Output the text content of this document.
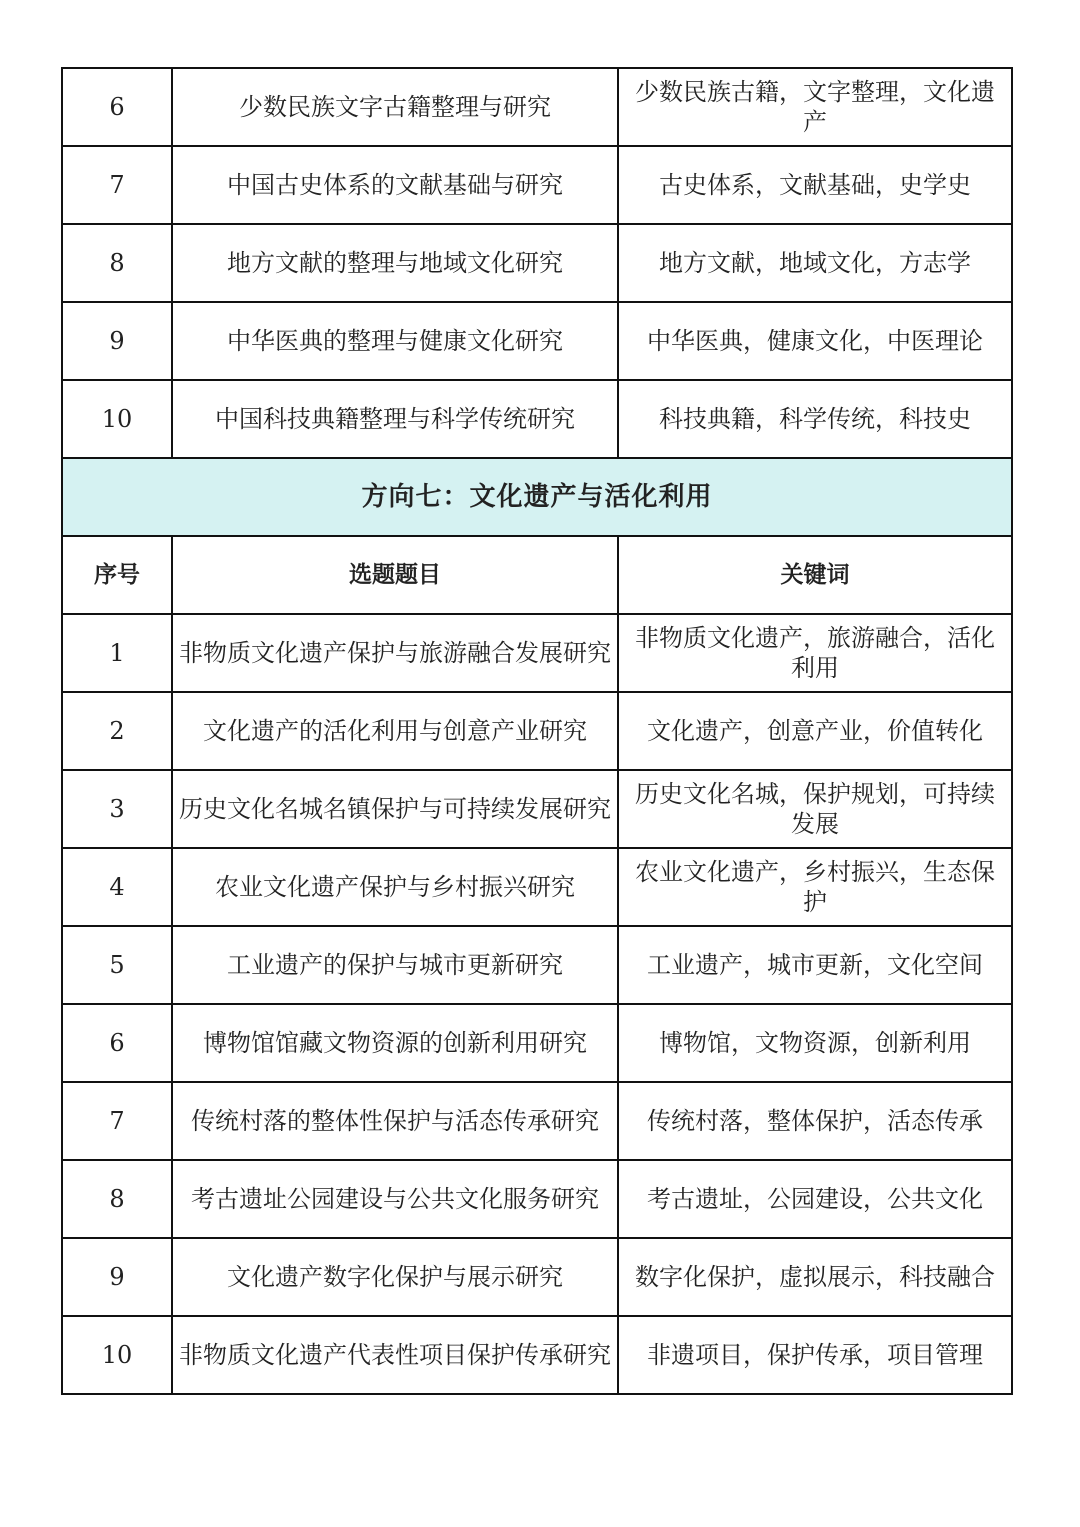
6	少数民族文字古籍整理与研究	少数民族古籍，文字整理，文化遗产
7	中国古史体系的文献基础与研究	古史体系，文献基础，史学史
8	地方文献的整理与地域文化研究	地方文献，地域文化，方志学
9	中华医典的整理与健康文化研究	中华医典，健康文化，中医理论
10	中国科技典籍整理与科学传统研究	科技典籍，科学传统，科技史
方向七：文化遗产与活化利用		
序号	选题题目	关键词
1	非物质文化遗产保护与旅游融合发展研究	非物质文化遗产，旅游融合，活化利用
2	文化遗产的活化利用与创意产业研究	文化遗产，创意产业，价值转化
3	历史文化名城名镇保护与可持续发展研究	历史文化名城，保护规划，可持续发展
4	农业文化遗产保护与乡村振兴研究	农业文化遗产，乡村振兴，生态保护
5	工业遗产的保护与城市更新研究	工业遗产，城市更新，文化空间
6	博物馆馆藏文物资源的创新利用研究	博物馆，文物资源，创新利用
7	传统村落的整体性保护与活态传承研究	传统村落，整体保护，活态传承
8	考古遗址公园建设与公共文化服务研究	考古遗址，公园建设，公共文化
9	文化遗产数字化保护与展示研究	数字化保护，虚拟展示，科技融合
10	非物质文化遗产代表性项目保护传承研究	非遗项目，保护传承，项目管理
